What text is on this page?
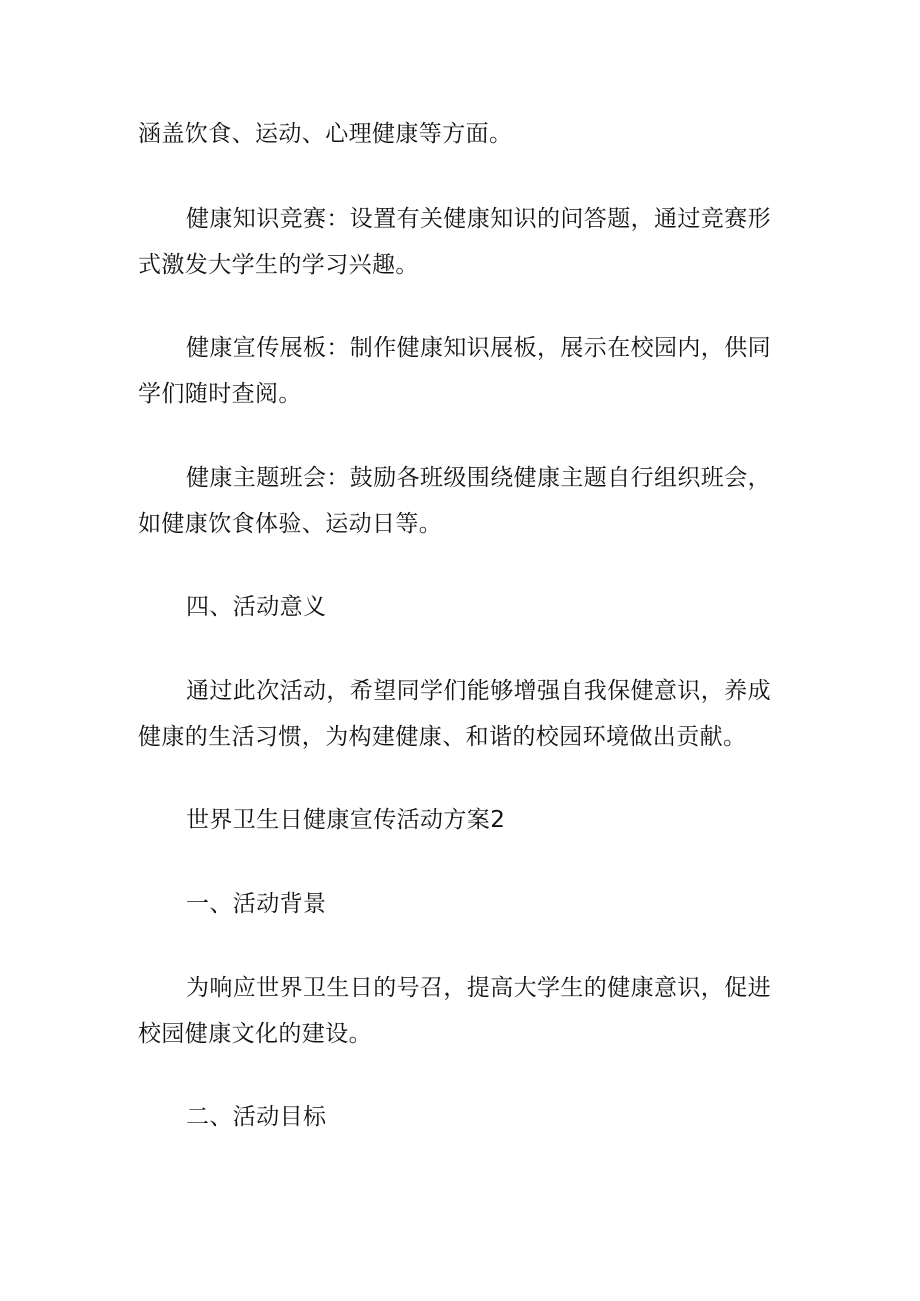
涵盖饮食、运动、心理健康等方面。

健康知识竞赛：设置有关健康知识的问答题，通过竞赛形式激发大学生的学习兴趣。

健康宣传展板：制作健康知识展板，展示在校园内，供同学们随时查阅。

健康主题班会：鼓励各班级围绕健康主题自行组织班会，如健康饮食体验、运动日等。

四、活动意义

通过此次活动，希望同学们能够增强自我保健意识，养成健康的生活习惯，为构建健康、和谐的校园环境做出贡献。

世界卫生日健康宣传活动方案2

一、活动背景

为响应世界卫生日的号召，提高大学生的健康意识，促进校园健康文化的建设。

二、活动目标
